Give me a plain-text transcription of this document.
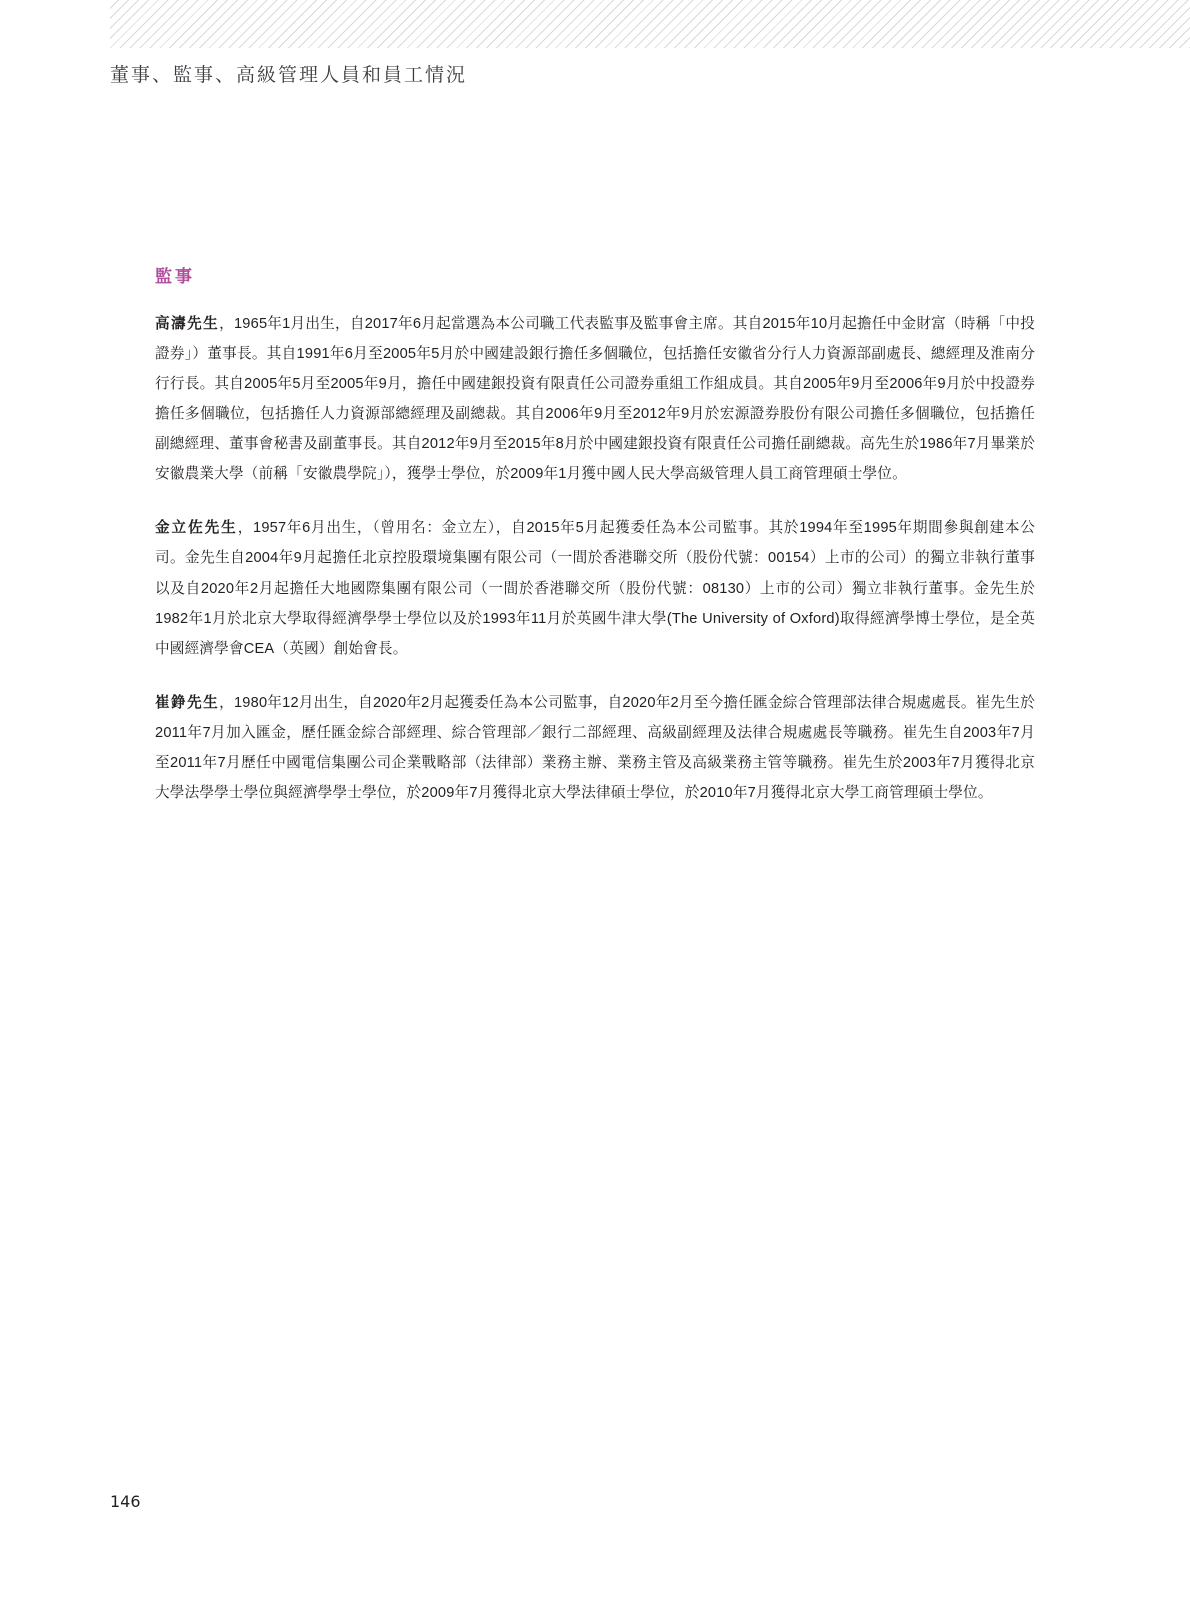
董事、監事、高級管理人員和員工情況
監事

高濤先生，1965年1月出生，自2017年6月起當選為本公司職工代表監事及監事會主席。其自2015年10月起擔任中金財富（時稱「中投證券」）董事長。其自1991年6月至2005年5月於中國建設銀行擔任多個職位，包括擔任安徽省分行人力資源部副處長、總經理及淮南分行行長。其自2005年5月至2005年9月，擔任中國建銀投資有限責任公司證券重組工作組成員。其自2005年9月至2006年9月於中投證券擔任多個職位，包括擔任人力資源部總經理及副總裁。其自2006年9月至2012年9月於宏源證券股份有限公司擔任多個職位，包括擔任副總經理、董事會秘書及副董事長。其自2012年9月至2015年8月於中國建銀投資有限責任公司擔任副總裁。高先生於1986年7月畢業於安徽農業大學（前稱「安徽農學院」），獲學士學位，於2009年1月獲中國人民大學高級管理人員工商管理碩士學位。

金立佐先生，1957年6月出生，（曾用名：金立左），自2015年5月起獲委任為本公司監事。其於1994年至1995年期間參與創建本公司。金先生自2004年9月起擔任北京控股環境集團有限公司（一間於香港聯交所（股份代號：00154）上市的公司）的獨立非執行董事以及自2020年2月起擔任大地國際集團有限公司（一間於香港聯交所（股份代號：08130）上市的公司）獨立非執行董事。金先生於1982年1月於北京大學取得經濟學學士學位以及於1993年11月於英國牛津大學(The University of Oxford)取得經濟學博士學位，是全英中國經濟學會CEA（英國）創始會長。

崔錚先生，1980年12月出生，自2020年2月起獲委任為本公司監事，自2020年2月至今擔任匯金綜合管理部法律合規處處長。崔先生於2011年7月加入匯金，歷任匯金綜合部經理、綜合管理部／銀行二部經理、高級副經理及法律合規處處長等職務。崔先生自2003年7月至2011年7月歷任中國電信集團公司企業戰略部（法律部）業務主辦、業務主管及高級業務主管等職務。崔先生於2003年7月獲得北京大學法學學士學位與經濟學學士學位，於2009年7月獲得北京大學法律碩士學位，於2010年7月獲得北京大學工商管理碩士學位。

146
